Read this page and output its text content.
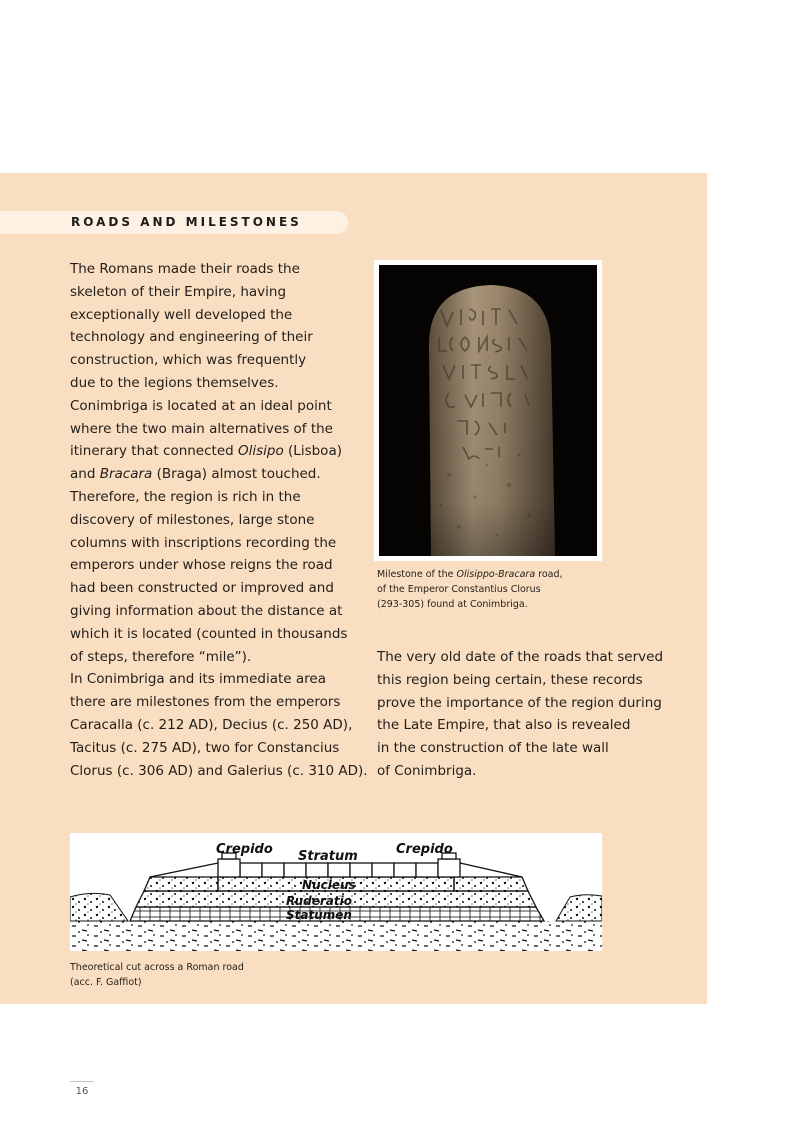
ROADS AND MILESTONES
The Romans made their roads the
skeleton of their Empire, having
exceptionally well developed the
technology and engineering of their
construction, which was frequently
due to the legions themselves.
Conimbriga is located at an ideal point
where the two main alternatives of the
itinerary that connected Olisipo (Lisboa)
and Bracara (Braga) almost touched.
Therefore, the region is rich in the
discovery of milestones, large stone
columns with inscriptions recording the
emperors under whose reigns the road
had been constructed or improved and
giving information about the distance at
which it is located (counted in thousands
of steps, therefore “mile”).
In Conimbriga and its immediate area
there are milestones from the emperors
Caracalla (c. 212 AD), Decius (c. 250 AD),
Tacitus (c. 275 AD), two for Constancius
Clorus (c. 306 AD) and Galerius (c. 310 AD).
Milestone of the Olisippo-Bracara road,
of the Emperor Constantius Clorus
(293-305) found at Conimbriga.
The very old date of the roads that served
this region being certain, these records
prove the importance of the region during
the Late Empire, that also is revealed
in the construction of the late wall
of Conimbriga.
Crepido Stratum	Crepido
Nucleus
Ruderatio
Statumen
Theoretical cut across a Roman road
(acc. F. Gaffiot)
16
